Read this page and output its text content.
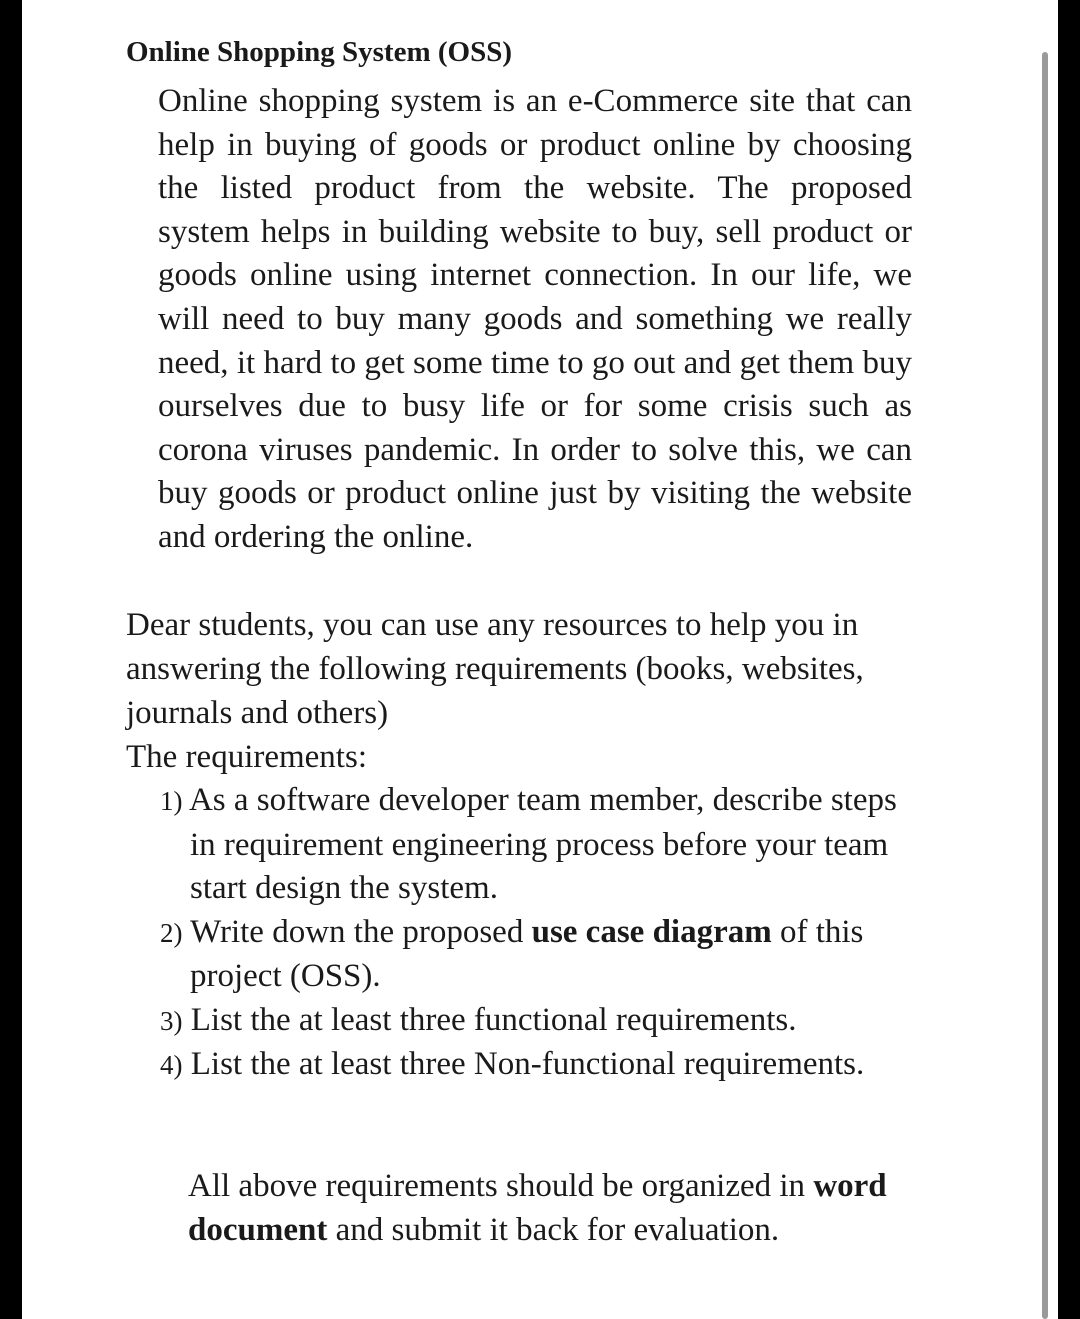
Online Shopping System (OSS)
Online shopping system is an e-Commerce site that can help in buying of goods or product online by choosing the listed product from the website. The proposed system helps in building website to buy, sell product or goods online using internet connection. In our life, we will need to buy many goods and something we really need, it hard to get some time to go out and get them buy ourselves due to busy life or for some crisis such as corona viruses pandemic. In order to solve this, we can buy goods or product online just by visiting the website and ordering the online.
Dear students, you can use any resources to help you in answering the following requirements (books, websites, journals and others)
The requirements:
1) As a software developer team member, describe steps in requirement engineering process before your team start design the system.
2) Write down the proposed use case diagram of this project (OSS).
3) List the at least three functional requirements.
4) List the at least three Non-functional requirements.
All above requirements should be organized in word document and submit it back for evaluation.
